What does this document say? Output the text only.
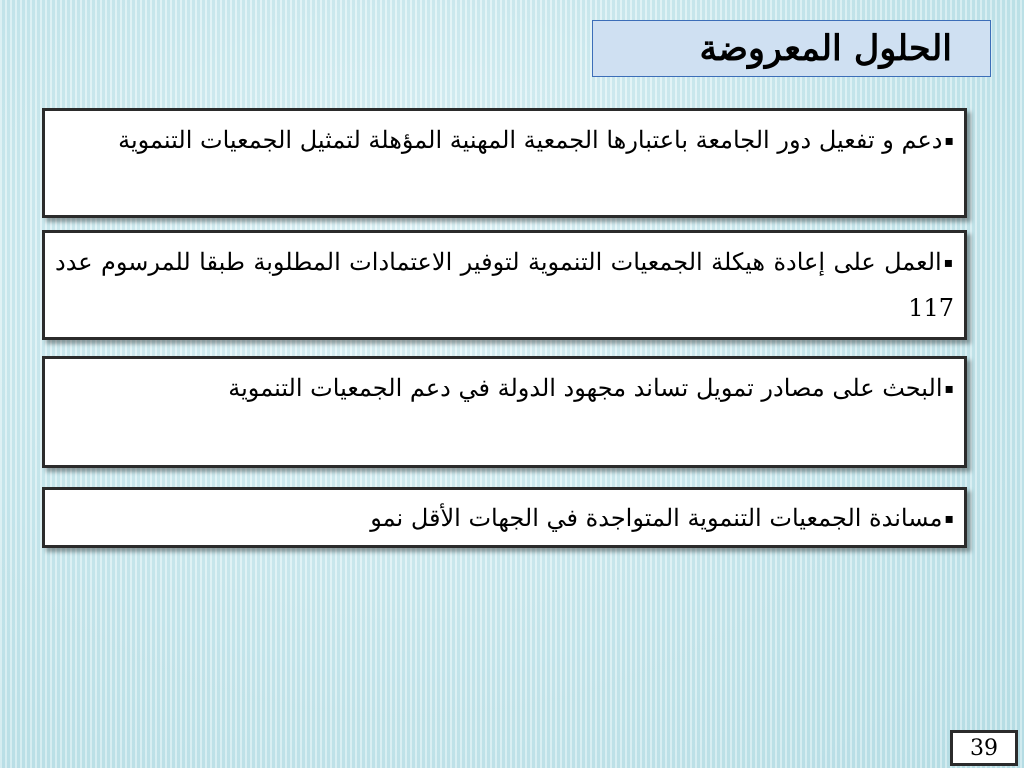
الحلول المعروضة

▪دعم و تفعيل دور الجامعة باعتبارها الجمعية المهنية المؤهلة لتمثيل الجمعيات التنموية

▪العمل على إعادة هيكلة الجمعيات التنموية لتوفير الاعتمادات المطلوبة طبقا للمرسوم عدد 117

▪البحث على مصادر تمويل تساند مجهود الدولة في دعم الجمعيات التنموية

▪مساندة الجمعيات التنموية المتواجدة في الجهات الأقل نمو

39
